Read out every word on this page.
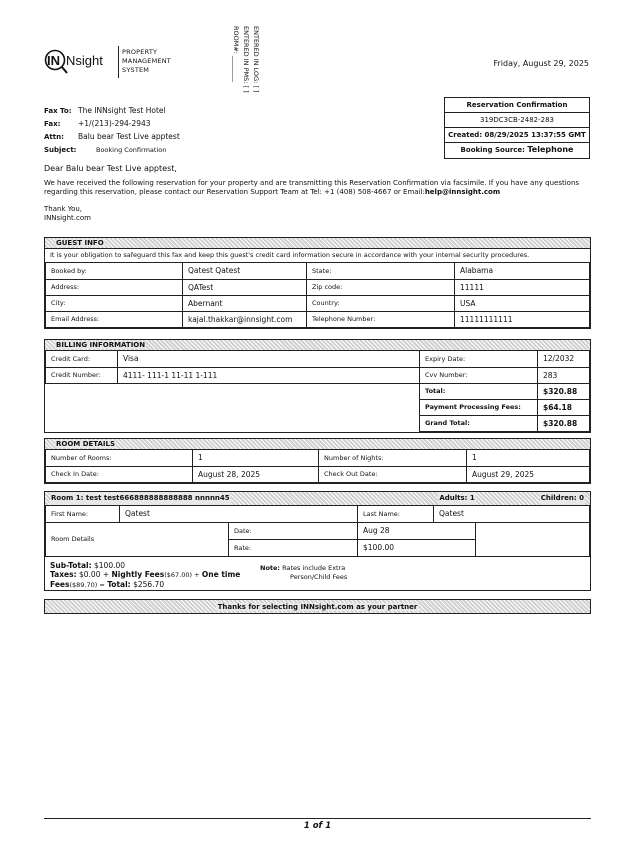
IN Nsight
PROPERTY
MANAGEMENT
SYSTEM	ENTERED IN LOG: [ ]
ENTERED IN PMS: [ ]
ROOM#: ________	Friday, August 29, 2025
Fax To: The INNsight Test Hotel
Fax:	+1/(213)-294-2943
Attn:	Balu bear Test Live apptest
Subject:	Booking Confirmation
Reservation Confirmation
319DC3CB-2482-283
Created: 08/29/2025 13:37:55 GMT
Booking Source: Telephone
Dear Balu bear Test Live apptest,
We have received the following reservation for your property and are transmitting this Reservation Confirmation via facsimile. If you have any questions regarding this reservation, please contact our Reservation Support Team at Tel: +1 (408) 508-4667 or Email:help@innsight.com
Thank You,
INNsight.com
GUEST INFO
It is your obligation to safeguard this fax and keep this guest's credit card information secure in accordance with your internal security procedures.
Booked by:	Qatest Qatest	State:	Alabama
Address:	QATest	Zip code:	11111
City:	Abernant	Country:	USA
Email Address:	kajal.thakkar@innsight.com	Telephone Number:	11111111111
BILLING INFORMATION
Credit Card:	Visa	Expiry Date:	12/2032
Credit Number:	4111- 111-1 11-11 1-111	Cvv Number:	283
		Total:	$320.88
		Payment Processing Fees:	$64.18
		Grand Total:	$320.88
ROOM DETAILS
Number of Rooms:	1	Number of Nights:	1
Check In Date:	August 28, 2025	Check Out Date:	August 29, 2025
Room 1: test test666888888888888 nnnnn45	Adults: 1	Children: 0
First Name:	Qatest		Last Name:	Qatest	
Room Details		Date:	Aug 28		
		Rate:	$100.00		
Sub-Total: $100.00
Taxes: $0.00 + Nightly Fees($67.00) + One time Fees($89.70) = Total: $256.70
Note: Rates include Extra
Person/Child Fees
Thanks for selecting INNsight.com as your partner
1 of 1
